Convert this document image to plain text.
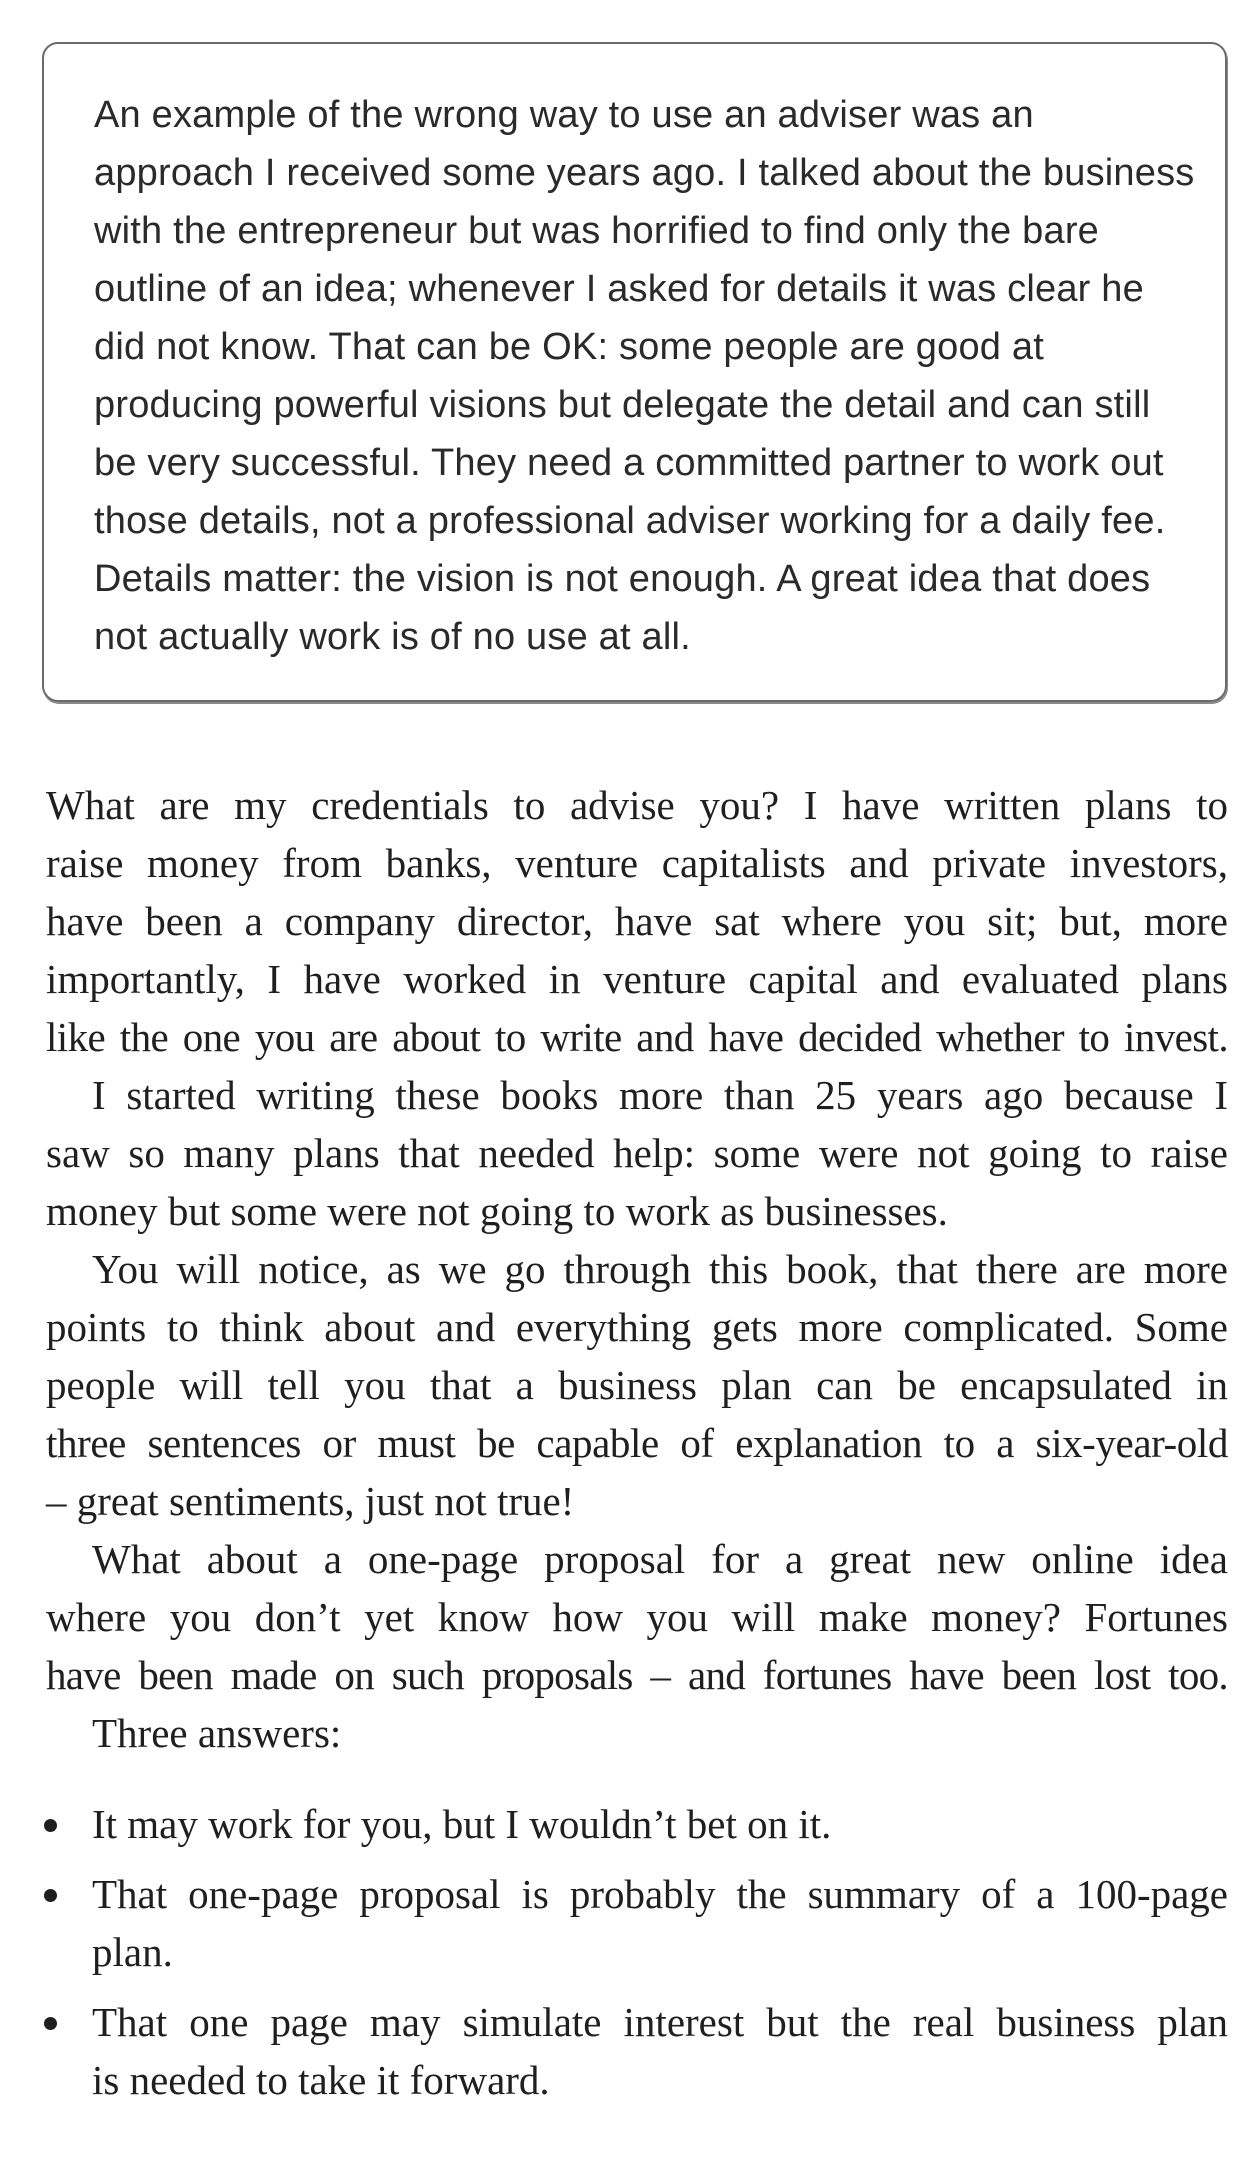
An example of the wrong way to use an adviser was an
approach I received some years ago. I talked about the business
with the entrepreneur but was horrified to find only the bare
outline of an idea; whenever I asked for details it was clear he
did not know. That can be OK: some people are good at
producing powerful visions but delegate the detail and can still
be very successful. They need a committed partner to work out
those details, not a professional adviser working for a daily fee.
Details matter: the vision is not enough. A great idea that does
not actually work is of no use at all.
What are my credentials to advise you? I have written plans to
raise money from banks, venture capitalists and private investors,
have been a company director, have sat where you sit; but, more
importantly, I have worked in venture capital and evaluated plans
like the one you are about to write and have decided whether to invest.
I started writing these books more than 25 years ago because I
saw so many plans that needed help: some were not going to raise
money but some were not going to work as businesses.
You will notice, as we go through this book, that there are more
points to think about and everything gets more complicated. Some
people will tell you that a business plan can be encapsulated in
three sentences or must be capable of explanation to a six-year-old
– great sentiments, just not true!
What about a one-page proposal for a great new online idea
where you don’t yet know how you will make money? Fortunes
have been made on such proposals – and fortunes have been lost too.
Three answers:
It may work for you, but I wouldn’t bet on it.
That one-page proposal is probably the summary of a 100-page
plan.
That one page may simulate interest but the real business plan
is needed to take it forward.
